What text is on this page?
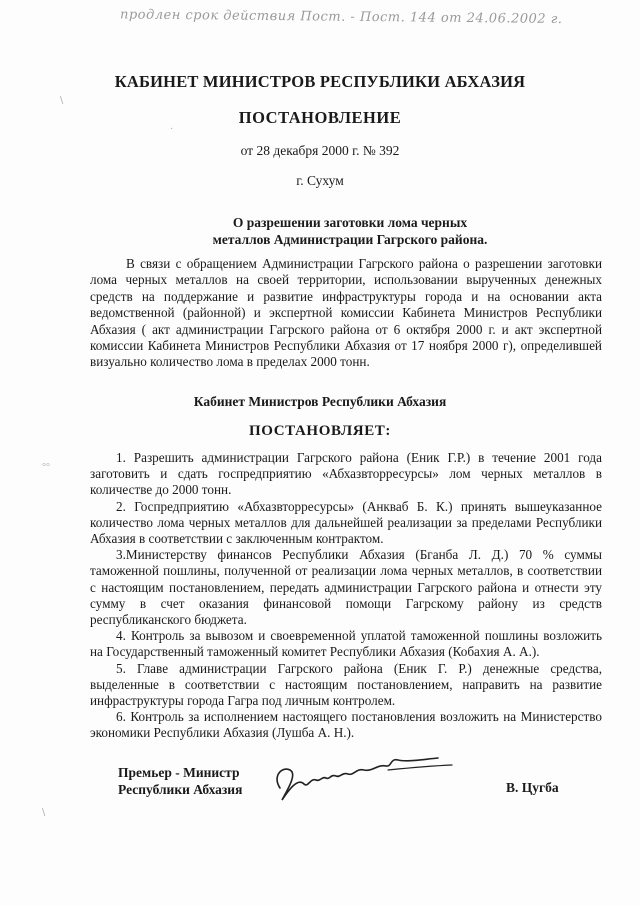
продлен срок действия Пост. - Пост. 144 от 24.06.2002 г.
КАБИНЕТ МИНИСТРОВ РЕСПУБЛИКИ АБХАЗИЯ
ПОСТАНОВЛЕНИЕ
от 28 декабря 2000 г. № 392
г. Сухум
О разрешении заготовки лома черных
металлов Администрации Гагрского района.

В связи с обращением Администрации Гагрского района о разрешении заготовки лома черных металлов на своей территории, использовании вырученных денежных средств на поддержание и развитие инфраструктуры города и на основании акта ведомственной (районной) и экспертной комиссии Кабинета Министров Республики Абхазия ( акт администрации Гагрского района от 6 октября 2000 г. и акт экспертной комиссии Кабинета Министров Республики Абхазия от 17 ноября 2000 г), определившей визуально количество лома в пределах 2000 тонн.

Кабинет Министров Республики Абхазия
ПОСТАНОВЛЯЕТ:

1. Разрешить администрации Гагрского района (Еник Г.Р.) в течение 2001 года заготовить и сдать госпредприятию «Абхазвторресурсы» лом черных металлов в количестве до 2000 тонн.

2. Госпредприятию «Абхазвторресурсы» (Анкваб Б. К.) принять вышеуказанное количество лома черных металлов для дальнейшей реализации за пределами Республики Абхазия в соответствии с заключенным контрактом.

3.Министерству финансов Республики Абхазия (Бганба Л. Д.) 70 % суммы таможенной пошлины, полученной от реализации лома черных металлов, в соответствии с настоящим постановлением, передать администрации Гагрского района и отнести эту сумму в счет оказания финансовой помощи Гагрскому району из средств республиканского бюджета.

4. Контроль за вывозом и своевременной уплатой таможенной пошлины возложить на Государственный таможенный комитет Республики Абхазия (Кобахия А. А.).

5. Главе администрации Гагрского района (Еник Г. Р.) денежные средства, выделенные в соответствии с настоящим постановлением, направить на развитие инфраструктуры города Гагра под личным контролем.

6. Контроль за исполнением настоящего постановления возложить на Министерство экономики Республики Абхазия (Лушба А. Н.).

Премьер - Министр
Республики Абхазия	В. Цугба
∖
°°
∖
·
